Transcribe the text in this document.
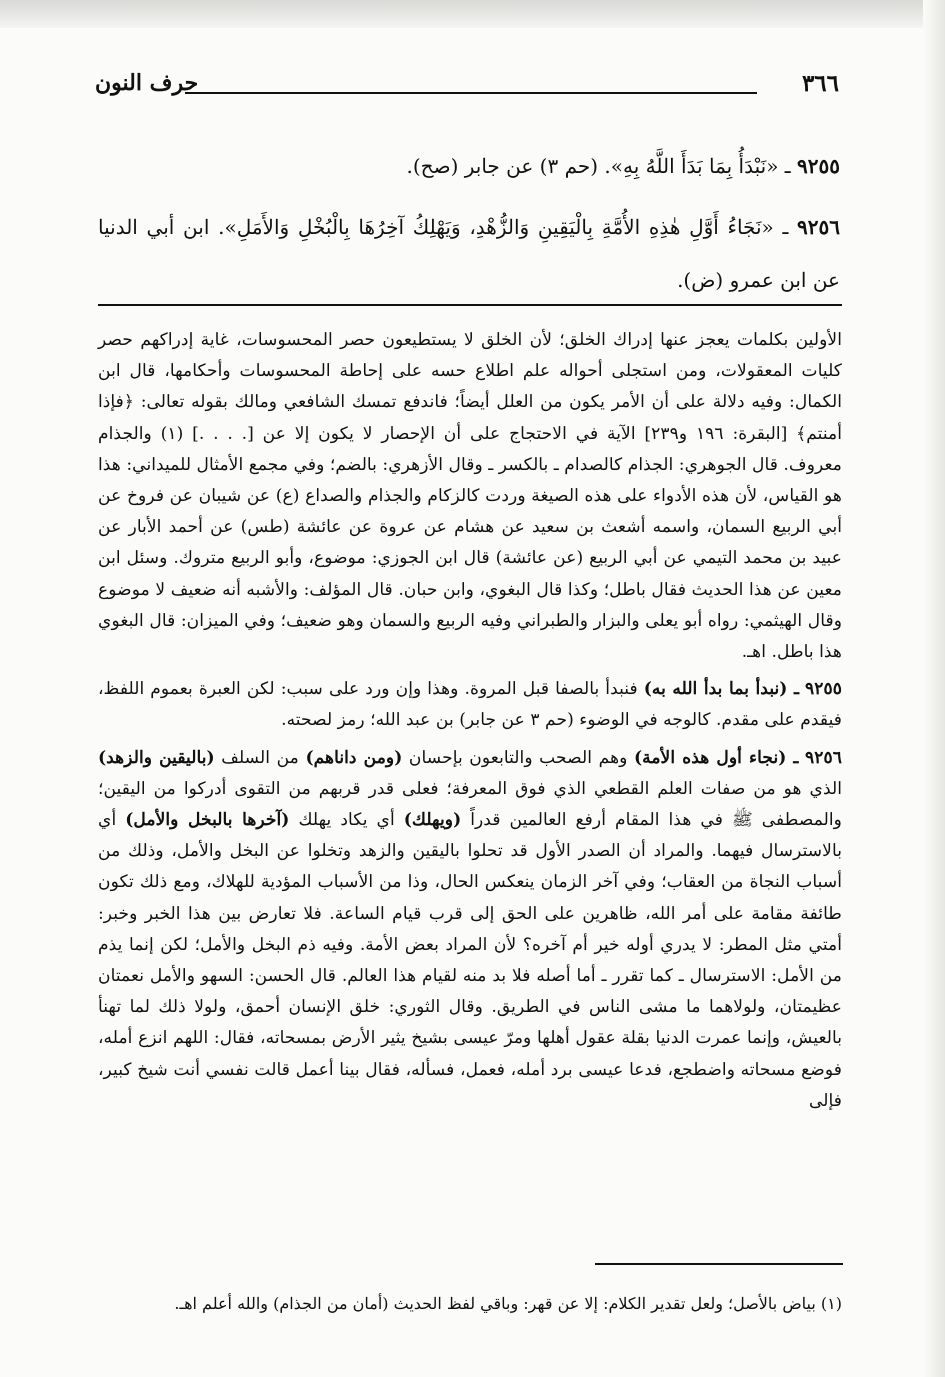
٣٦٦
حرف النون

٩٢٥٥ ـ «نَبْدَأُ بِمَا بَدَأَ اللَّهُ بِهِ». (حم ٣) عن جابر (صح).

٩٢٥٦ ـ «نَجَاءُ أَوَّلِ هٰذِهِ الأُمَّةِ بِالْيَقِينِ وَالزُّهْدِ، وَيَهْلِكُ آخِرُهَا بِالْبُخْلِ وَالأَمَلِ». ابن أبي الدنيا عن ابن عمرو (ض).

الأولين بكلمات يعجز عنها إدراك الخلق؛ لأن الخلق لا يستطيعون حصر المحسوسات، غاية إدراكهم حصر كليات المعقولات، ومن استجلى أحواله علم اطلاع حسه على إحاطة المحسوسات وأحكامها، قال ابن الكمال: وفيه دلالة على أن الأمر يكون من العلل أيضاً؛ فاندفع تمسك الشافعي ومالك بقوله تعالى: ﴿فإذا أمنتم﴾ [البقرة: ١٩٦ و٢٣٩] الآية في الاحتجاج على أن الإحصار لا يكون إلا عن [. . . .] (١) والجذام معروف. قال الجوهري: الجذام كالصدام ـ بالكسر ـ وقال الأزهري: بالضم؛ وفي مجمع الأمثال للميداني: هذا هو القياس، لأن هذه الأدواء على هذه الصيغة وردت كالزكام والجذام والصداع (ع) عن شيبان عن فروخ عن أبي الربيع السمان، واسمه أشعث بن سعيد عن هشام عن عروة عن عائشة (طس) عن أحمد الأبار عن عبيد بن محمد التيمي عن أبي الربيع (عن عائشة) قال ابن الجوزي: موضوع، وأبو الربيع متروك. وسئل ابن معين عن هذا الحديث فقال باطل؛ وكذا قال البغوي، وابن حبان. قال المؤلف: والأشبه أنه ضعيف لا موضوع وقال الهيثمي: رواه أبو يعلى والبزار والطبراني وفيه الربيع والسمان وهو ضعيف؛ وفي الميزان: قال البغوي هذا باطل. اهـ.

٩٢٥٥ ـ (نبدأ بما بدأ الله به) فنبدأ بالصفا قبل المروة. وهذا وإن ورد على سبب: لكن العبرة بعموم اللفظ، فيقدم على مقدم. كالوجه في الوضوء (حم ٣ عن جابر) بن عبد الله؛ رمز لصحته.

٩٢٥٦ ـ (نجاء أول هذه الأمة) وهم الصحب والتابعون بإحسان (ومن داناهم) من السلف (باليقين والزهد) الذي هو من صفات العلم القطعي الذي فوق المعرفة؛ فعلى قدر قربهم من التقوى أدركوا من اليقين؛ والمصطفى ﷺ في هذا المقام أرفع العالمين قدراً (ويهلك) أي يكاد يهلك (آخرها بالبخل والأمل) أي بالاسترسال فيهما. والمراد أن الصدر الأول قد تحلوا باليقين والزهد وتخلوا عن البخل والأمل، وذلك من أسباب النجاة من العقاب؛ وفي آخر الزمان ينعكس الحال، وذا من الأسباب المؤدية للهلاك، ومع ذلك تكون طائفة مقامة على أمر الله، ظاهرين على الحق إلى قرب قيام الساعة. فلا تعارض بين هذا الخبر وخبر: أمتي مثل المطر: لا يدري أوله خير أم آخره؟ لأن المراد بعض الأمة. وفيه ذم البخل والأمل؛ لكن إنما يذم من الأمل: الاسترسال ـ كما تقرر ـ أما أصله فلا بد منه لقيام هذا العالم. قال الحسن: السهو والأمل نعمتان عظيمتان، ولولاهما ما مشى الناس في الطريق. وقال الثوري: خلق الإنسان أحمق، ولولا ذلك لما تهنأ بالعيش، وإنما عمرت الدنيا بقلة عقول أهلها ومرّ عيسى بشيخ يثير الأرض بمسحاته، فقال: اللهم انزع أمله، فوضع مسحاته واضطجع، فدعا عيسى برد أمله، فعمل، فسأله، فقال بينا أعمل قالت نفسي أنت شيخ كبير، فإلى

(١) بياض بالأصل؛ ولعل تقدير الكلام: إلا عن قهر: وباقي لفظ الحديث (أمان من الجذام) والله أعلم اهـ.
